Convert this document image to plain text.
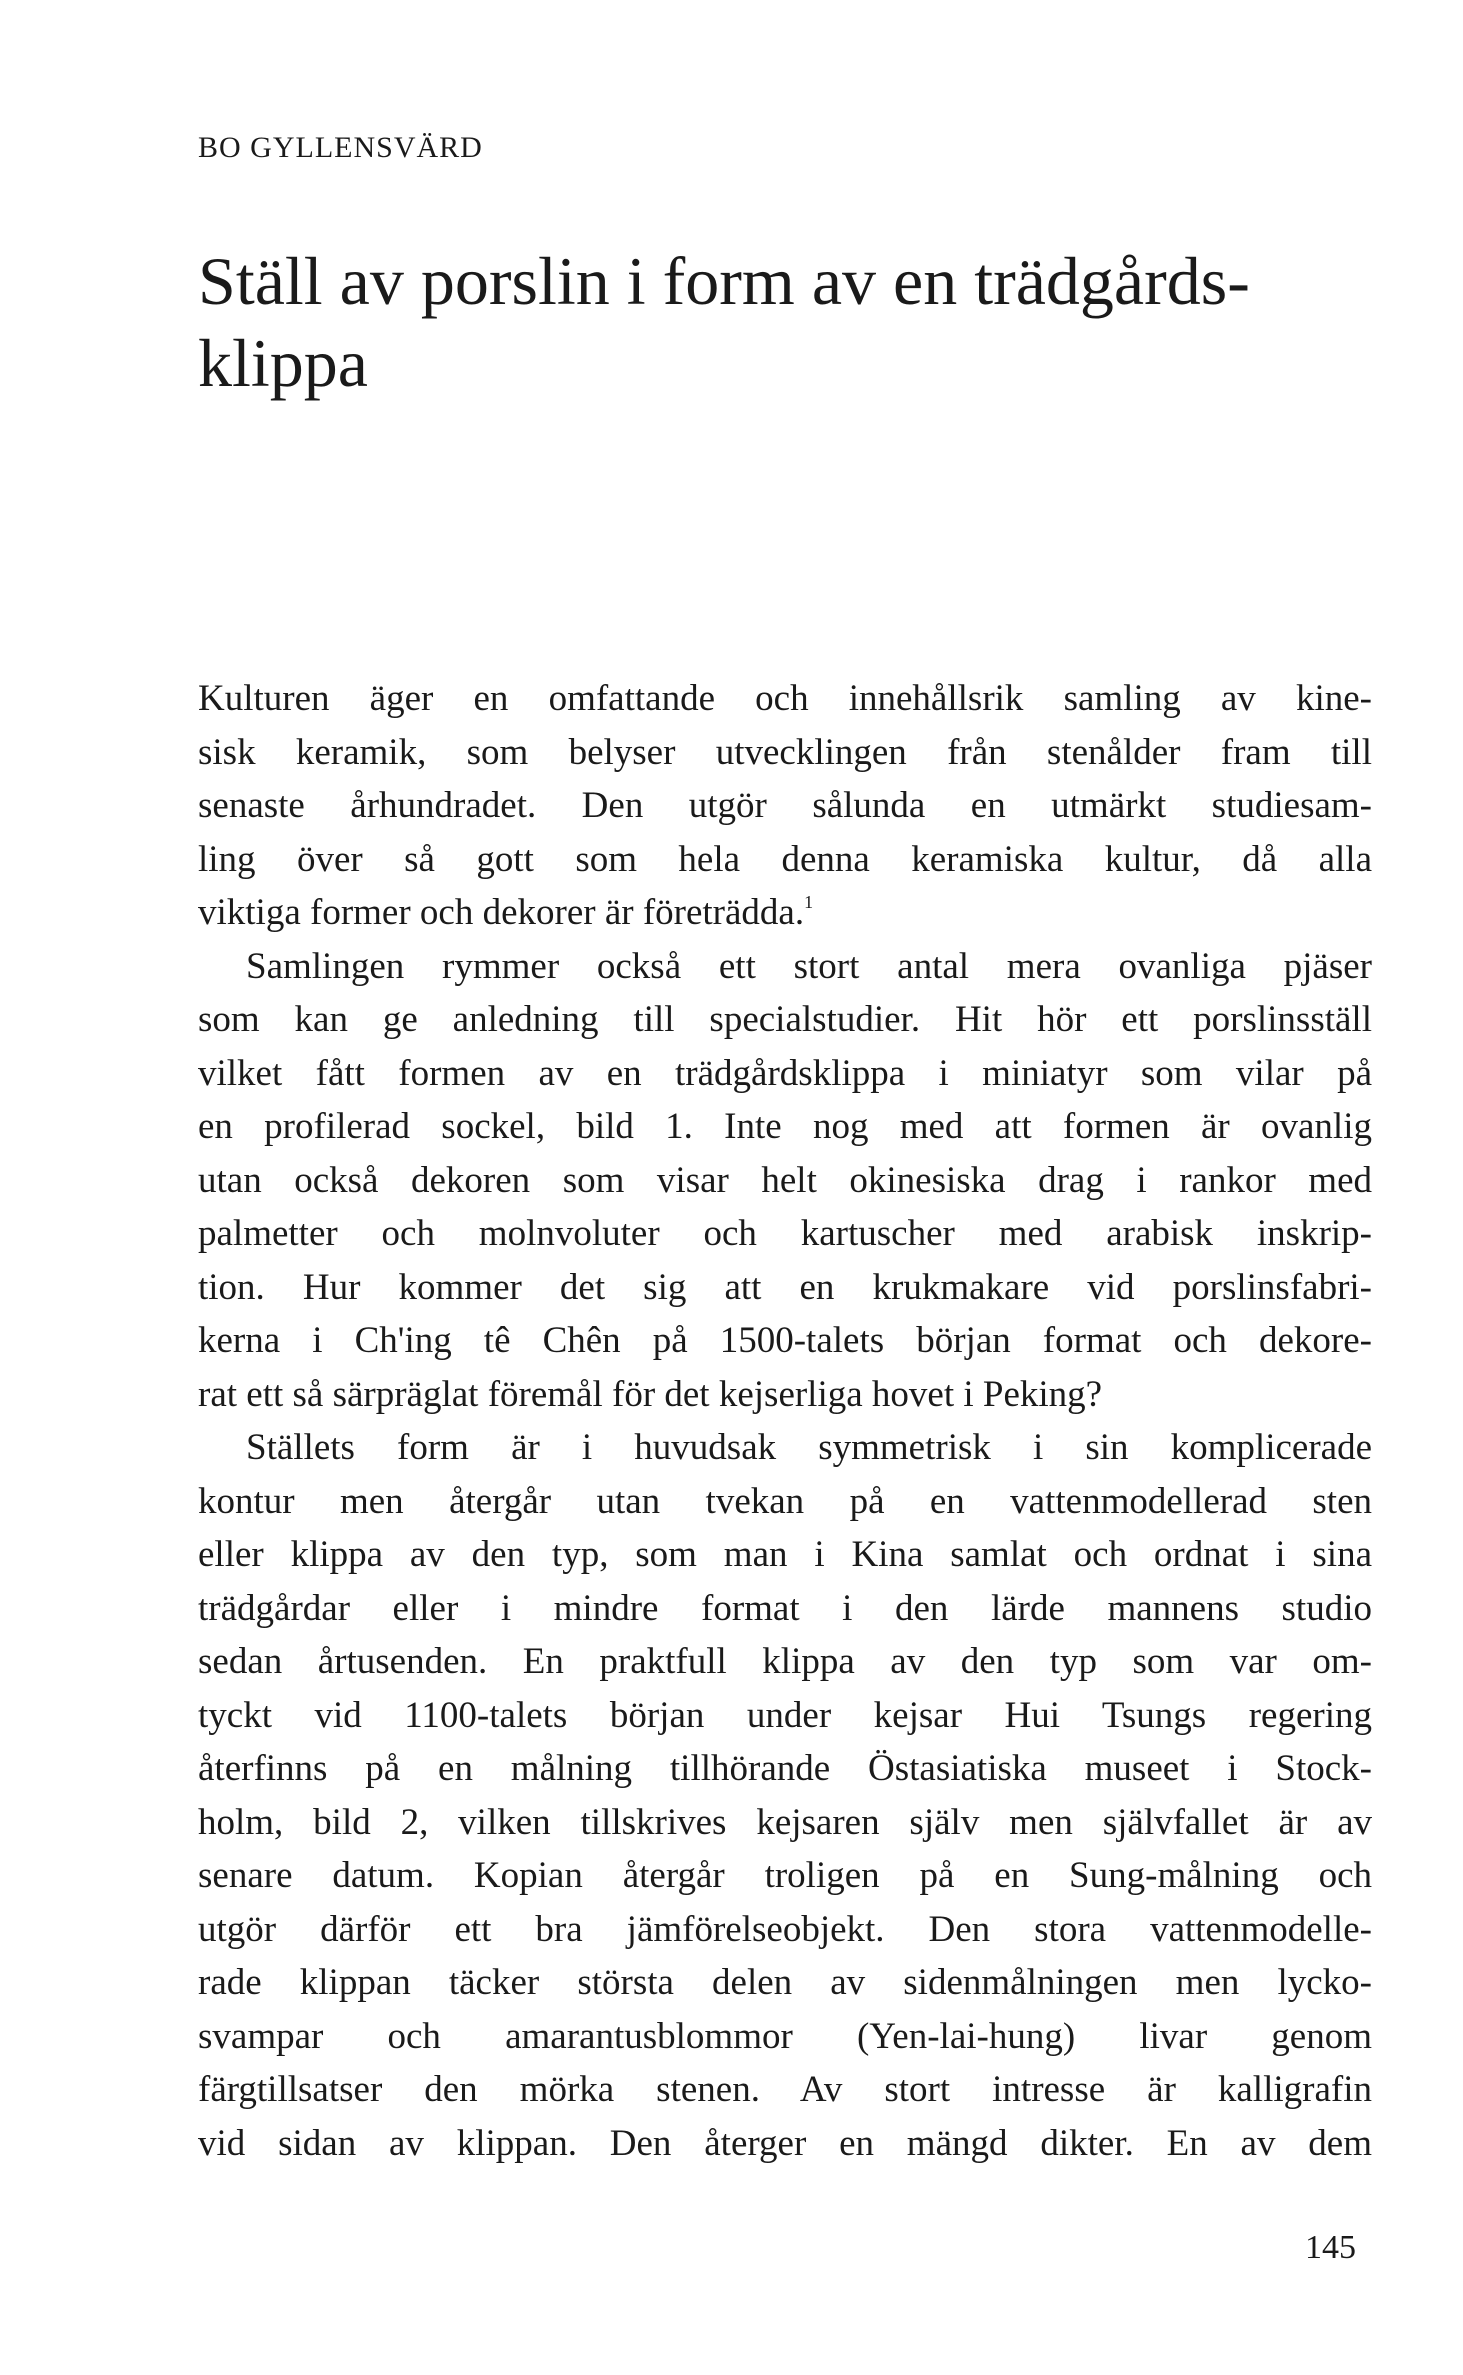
BO GYLLENSVÄRD
Ställ av porslin i form av en trädgårds-
klippa
Kulturen äger en omfattande och innehållsrik samling av kine-
sisk keramik, som belyser utvecklingen från stenålder fram till
senaste århundradet. Den utgör sålunda en utmärkt studiesam-
ling över så gott som hela denna keramiska kultur, då alla
viktiga former och dekorer är företrädda.$^1$
Samlingen rymmer också ett stort antal mera ovanliga pjäser
som kan ge anledning till specialstudier. Hit hör ett porslinsställ
vilket fått formen av en trädgårdsklippa i miniatyr som vilar på
en profilerad sockel, bild 1. Inte nog med att formen är ovanlig
utan också dekoren som visar helt okinesiska drag i rankor med
palmetter och molnvoluter och kartuscher med arabisk inskrip-
tion. Hur kommer det sig att en krukmakare vid porslinsfabri-
kerna i Ch'ing tê Chên på 1500-talets början format och dekore-
rat ett så särpräglat föremål för det kejserliga hovet i Peking?
Ställets form är i huvudsak symmetrisk i sin komplicerade
kontur men återgår utan tvekan på en vattenmodellerad sten
eller klippa av den typ, som man i Kina samlat och ordnat i sina
trädgårdar eller i mindre format i den lärde mannens studio
sedan årtusenden. En praktfull klippa av den typ som var om-
tyckt vid 1100-talets början under kejsar Hui Tsungs regering
återfinns på en målning tillhörande Östasiatiska museet i Stock-
holm, bild 2, vilken tillskrives kejsaren själv men självfallet är av
senare datum. Kopian återgår troligen på en Sung-målning och
utgör därför ett bra jämförelseobjekt. Den stora vattenmodelle-
rade klippan täcker största delen av sidenmålningen men lycko-
svampar och amarantusblommor (Yen-lai-hung) livar genom
färgtillsatser den mörka stenen. Av stort intresse är kalligrafin
vid sidan av klippan. Den återger en mängd dikter. En av dem
145
